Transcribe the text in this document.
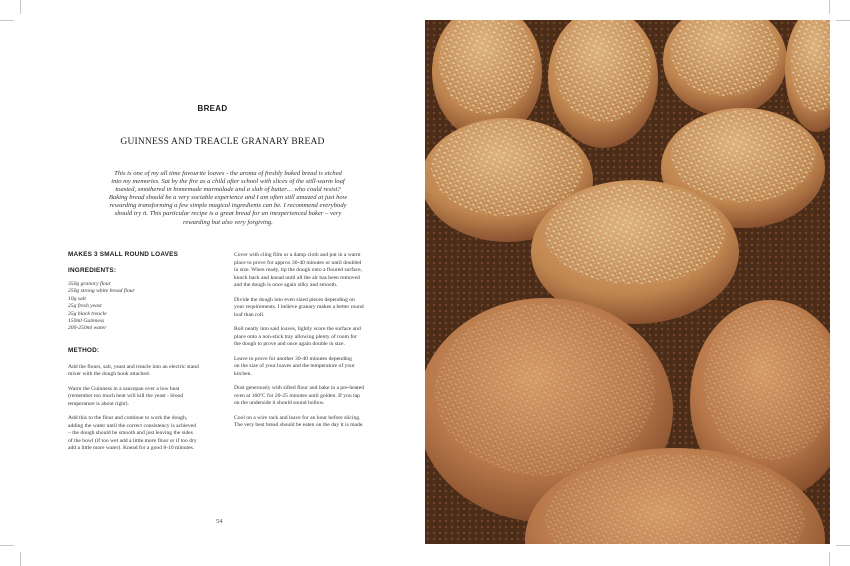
BREAD
GUINNESS AND TREACLE GRANARY BREAD
This is one of my all time favourite loaves - the aroma of freshly baked bread is etched
into my memories. Sat by the fire as a child after school with slices of the still-warm loaf
toasted, smothered in homemade marmalade and a slab of butter… who could resist?
Baking bread should be a very sociable experience and I am often still amazed at just how
rewarding transforming a few simple magical ingredients can be. I recommend everybody
should try it. This particular recipe is a great bread for an inexperienced baker – very
rewarding but also very forgiving.

MAKES 3 SMALL ROUND LOAVES

INGREDIENTS:

350g granary flour
250g strong white bread flour
10g salt
25g fresh yeast
35g black treacle
150ml Guinness
200-250ml water

METHOD:

Add the flours, salt, yeast and treacle into an electric stand
mixer with the dough hook attached.
Warm the Guinness in a saucepan over a low heat
(remember too much heat will kill the yeast - blood
temperature is about right).
Add this to the flour and continue to work the dough,
adding the water until the correct consistency is achieved
– the dough should be smooth and just leaving the sides
of the bowl (if too wet add a little more flour or if too dry
add a little more water). Knead for a good 8-10 minutes.
Cover with cling film or a damp cloth and put in a warm
place to prove for approx 30-40 minutes or until doubled
in size. When ready, tip the dough onto a floured surface,
knock back and knead until all the air has been removed
and the dough is once again silky and smooth.
Divide the dough into even sized pieces depending on
your requirements. I believe granary makes a better round
loaf than roll.
Roll neatly into said loaves, lightly score the surface and
place onto a non-stick tray allowing plenty of room for
the dough to prove and once again double in size.
Leave to prove for another 30-40 minutes depending
on the size of your loaves and the temperature of your
kitchen.
Dust generously with sifted flour and bake in a pre-heated
oven at 160ºC for 20-25 minutes until golden. If you tap
on the underside it should sound hollow.
Cool on a wire rack and leave for an hour before slicing.
The very best bread should be eaten on the day it is made.
54
